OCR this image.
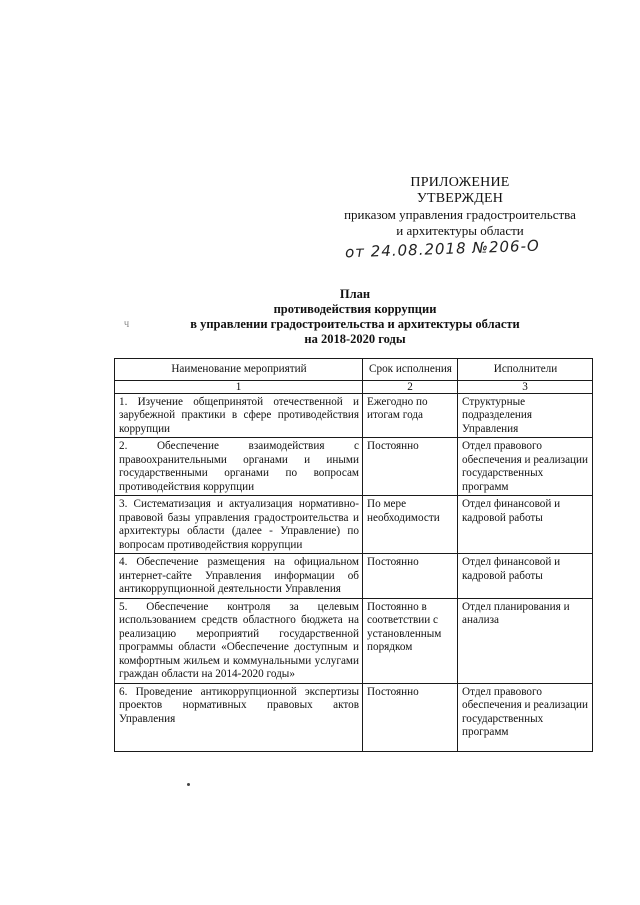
ПРИЛОЖЕНИЕ
УТВЕРЖДЕН
приказом управления градостроительства
и архитектуры области
от 24.08.2018 №206-О
План
противодействия коррупции
в управлении градостроительства и архитектуры области
на 2018-2020 годы
Ч
Наименование мероприятий	Срок исполнения	Исполнители
1	2	3
1. Изучение общепринятой отечественной и зарубежной практики в сфере противодействия коррупции	Ежегодно по итогам года	Структурные подразделения Управления
2. Обеспечение взаимодействия с правоохранительными органами и иными государственными органами по вопросам противодействия коррупции	Постоянно	Отдел правового обеспечения и реализации государственных программ
3. Систематизация и актуализация нормативно-правовой базы управления градостроительства и архитектуры области (далее - Управление) по вопросам противодействия коррупции	По мере необходимости	Отдел финансовой и кадровой работы
4. Обеспечение размещения на официальном интернет-сайте Управления информации об антикоррупционной деятельности Управления	Постоянно	Отдел финансовой и кадровой работы
5. Обеспечение контроля за целевым использованием средств областного бюджета на реализацию мероприятий государственной программы области «Обеспечение доступным и комфортным жильем и коммунальными услугами граждан области на 2014-2020 годы»	Постоянно в соответствии с установленным порядком	Отдел планирования и анализа
6. Проведение антикоррупционной экспертизы проектов нормативных правовых актов Управления	Постоянно	Отдел правового обеспечения и реализации государственных программ
